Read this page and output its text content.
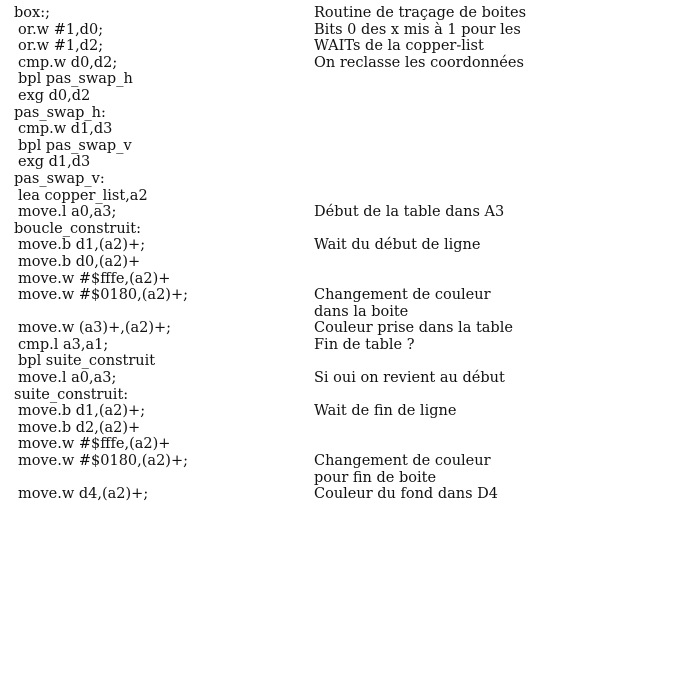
box:;	Routine de traçage de boites
or.w #1,d0;	Bits 0 des x mis à 1 pour les
or.w #1,d2;	WAITs de la copper-list
cmp.w d0,d2;	On reclasse les coordonnées
bpl pas_swap_h
exg d0,d2
pas_swap_h:
cmp.w d1,d3
bpl pas_swap_v
exg d1,d3
pas_swap_v:
lea copper_list,a2
move.l a0,a3;	Début de la table dans A3
boucle_construit:
move.b d1,(a2)+;	Wait du début de ligne
move.b d0,(a2)+
move.w #$fffe,(a2)+
move.w #$0180,(a2)+;	Changement de couleur
dans la boite
move.w (a3)+,(a2)+;	Couleur prise dans la table
cmp.l a3,a1;	Fin de table ?
bpl suite_construit
move.l a0,a3;	Si oui on revient au début
suite_construit:
move.b d1,(a2)+;	Wait de fin de ligne
move.b d2,(a2)+
move.w #$fffe,(a2)+
move.w #$0180,(a2)+;	Changement de couleur
pour fin de boite
move.w d4,(a2)+;	Couleur du fond dans D4
